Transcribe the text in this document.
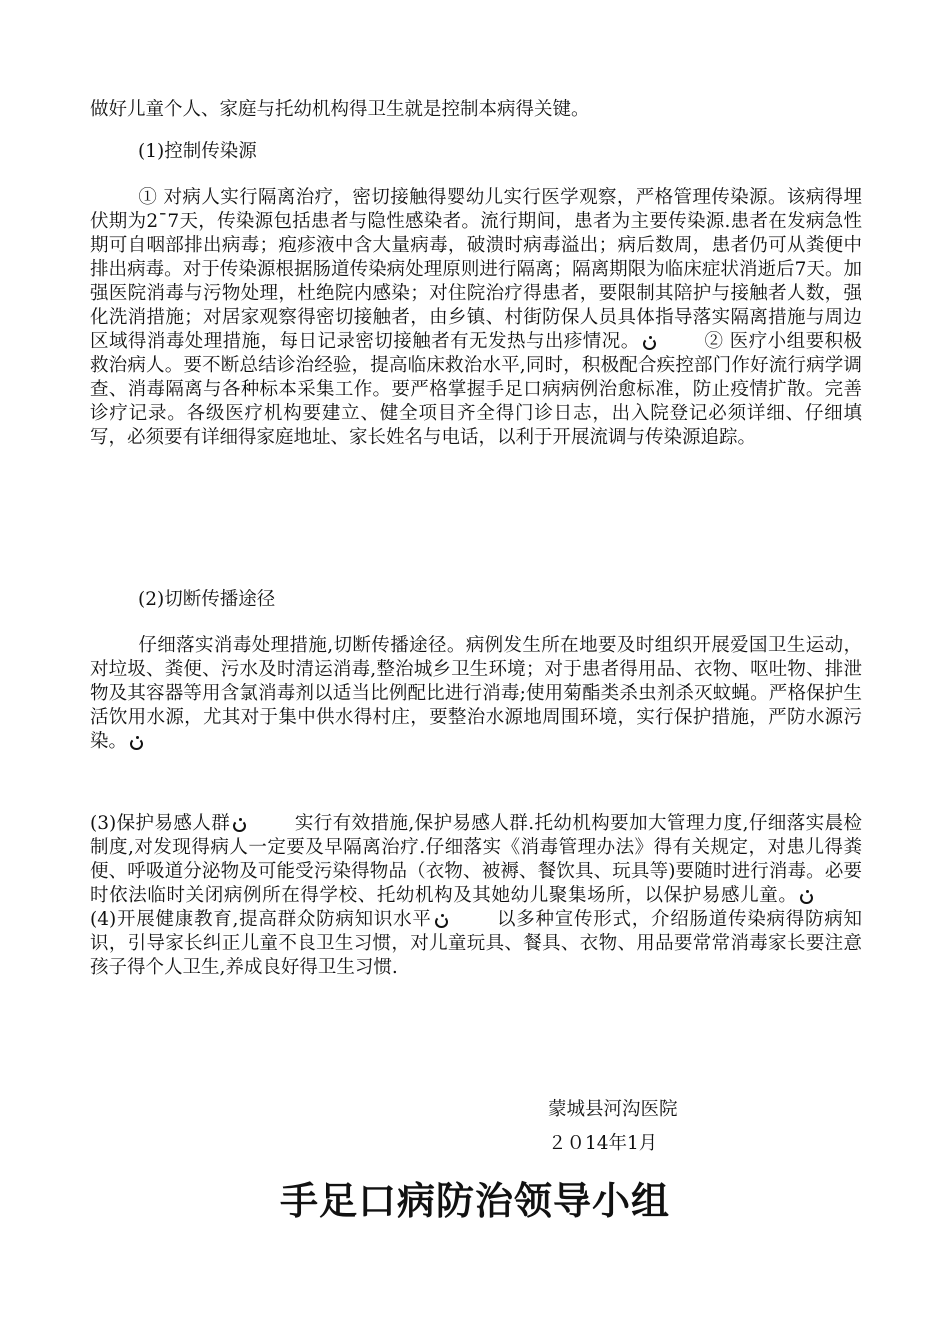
做好儿童个人、家庭与托幼机构得卫生就是控制本病得关键。
(1)控制传染源
① 对病人实行隔离治疗，密切接触得婴幼儿实行医学观察，严格管理传染源。该病得埋伏期为2¯7天，传染源包括患者与隐性感染者。流行期间，患者为主要传染源.患者在发病急性期可自咽部排出病毒；疱疹液中含大量病毒，破溃时病毒溢出；病后数周，患者仍可从粪便中排出病毒。对于传染源根据肠道传染病处理原则进行隔离；隔离期限为临床症状消逝后7天。加强医院消毒与污物处理，杜绝院内感染；对住院治疗得患者，要限制其陪护与接触者人数，强化洗消措施；对居家观察得密切接触者，由乡镇、村街防保人员具体指导落实隔离措施与周边区域得消毒处理措施，每日记录密切接触者有无发热与出疹情况。	② 医疗小组要积极救治病人。要不断总结诊治经验，提高临床救治水平,同时，积极配合疾控部门作好流行病学调查、消毒隔离与各种标本采集工作。要严格掌握手足口病病例治愈标准，防止疫情扩散。完善诊疗记录。各级医疗机构要建立、健全项目齐全得门诊日志，出入院登记必须详细、仔细填写，必须要有详细得家庭地址、家长姓名与电话，以利于开展流调与传染源追踪。
(2)切断传播途径
仔细落实消毒处理措施,切断传播途径。病例发生所在地要及时组织开展爱国卫生运动，对垃圾、粪便、污水及时清运消毒,整治城乡卫生环境；对于患者得用品、衣物、呕吐物、排泄物及其容器等用含氯消毒剂以适当比例配比进行消毒;使用菊酯类杀虫剂杀灭蚊蝇。严格保护生活饮用水源，尤其对于集中供水得村庄，要整治水源地周围环境，实行保护措施，严防水源污染。
(3)保护易感人群	实行有效措施,保护易感人群.托幼机构要加大管理力度,仔细落实晨检制度,对发现得病人一定要及早隔离治疗.仔细落实《消毒管理办法》得有关规定，对患儿得粪便、呼吸道分泌物及可能受污染得物品（衣物、被褥、餐饮具、玩具等)要随时进行消毒。必要时依法临时关闭病例所在得学校、托幼机构及其她幼儿聚集场所，以保护易感儿童。 (4)开展健康教育,提高群众防病知识水平	以多种宣传形式，介绍肠道传染病得防病知识，引导家长纠正儿童不良卫生习惯，对儿童玩具、餐具、衣物、用品要常常消毒家长要注意孩子得个人卫生,养成良好得卫生习惯.
蒙城县河沟医院
２０14年1月
手足口病防治领导小组
